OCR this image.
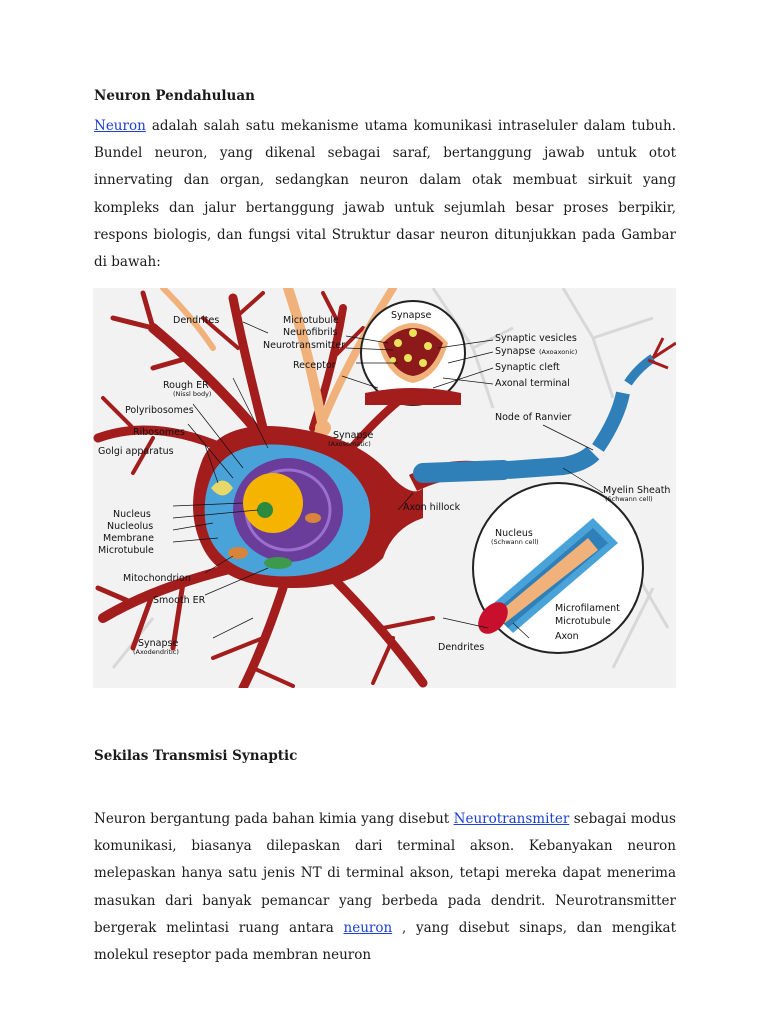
Neuron Pendahuluan

Neuron adalah salah satu mekanisme utama komunikasi intraseluler dalam tubuh. Bundel neuron, yang dikenal sebagai saraf, bertanggung jawab untuk otot innervating dan organ, sedangkan neuron dalam otak membuat sirkuit yang kompleks dan jalur bertanggung jawab untuk sejumlah besar proses berpikir, respons biologis, dan fungsi vital Struktur dasar neuron ditunjukkan pada Gambar di bawah:

Dendrites
Rough ER
(Nissl body)
Polyribosomes
Ribosomes
Golgi apparatus
Nucleus
Nucleolus
Membrane
Microtubule
Mitochondrion
Smooth ER
Synapse
(Axodendritic)
Microtubule
Neurofibrils
Neurotransmitter
Receptor
Synapse
Synapse
(Axosomatic)
Synaptic vesicles
Synapse (Axoaxonic)
Synaptic cleft
Axonal terminal
Node of Ranvier
Myelin Sheath
(Schwann cell)
Axon hillock
Nucleus
(Schwann cell)
Microfilament
Microtubule
Axon
Dendrites
Sekilas Transmisi Synaptic

Neuron bergantung pada bahan kimia yang disebut Neurotransmiter sebagai modus komunikasi, biasanya dilepaskan dari terminal akson. Kebanyakan neuron melepaskan hanya satu jenis NT di terminal akson, tetapi mereka dapat menerima masukan dari banyak pemancar yang berbeda pada dendrit. Neurotransmitter bergerak melintasi ruang antara neuron , yang disebut sinaps, dan mengikat molekul reseptor pada membran neuron
